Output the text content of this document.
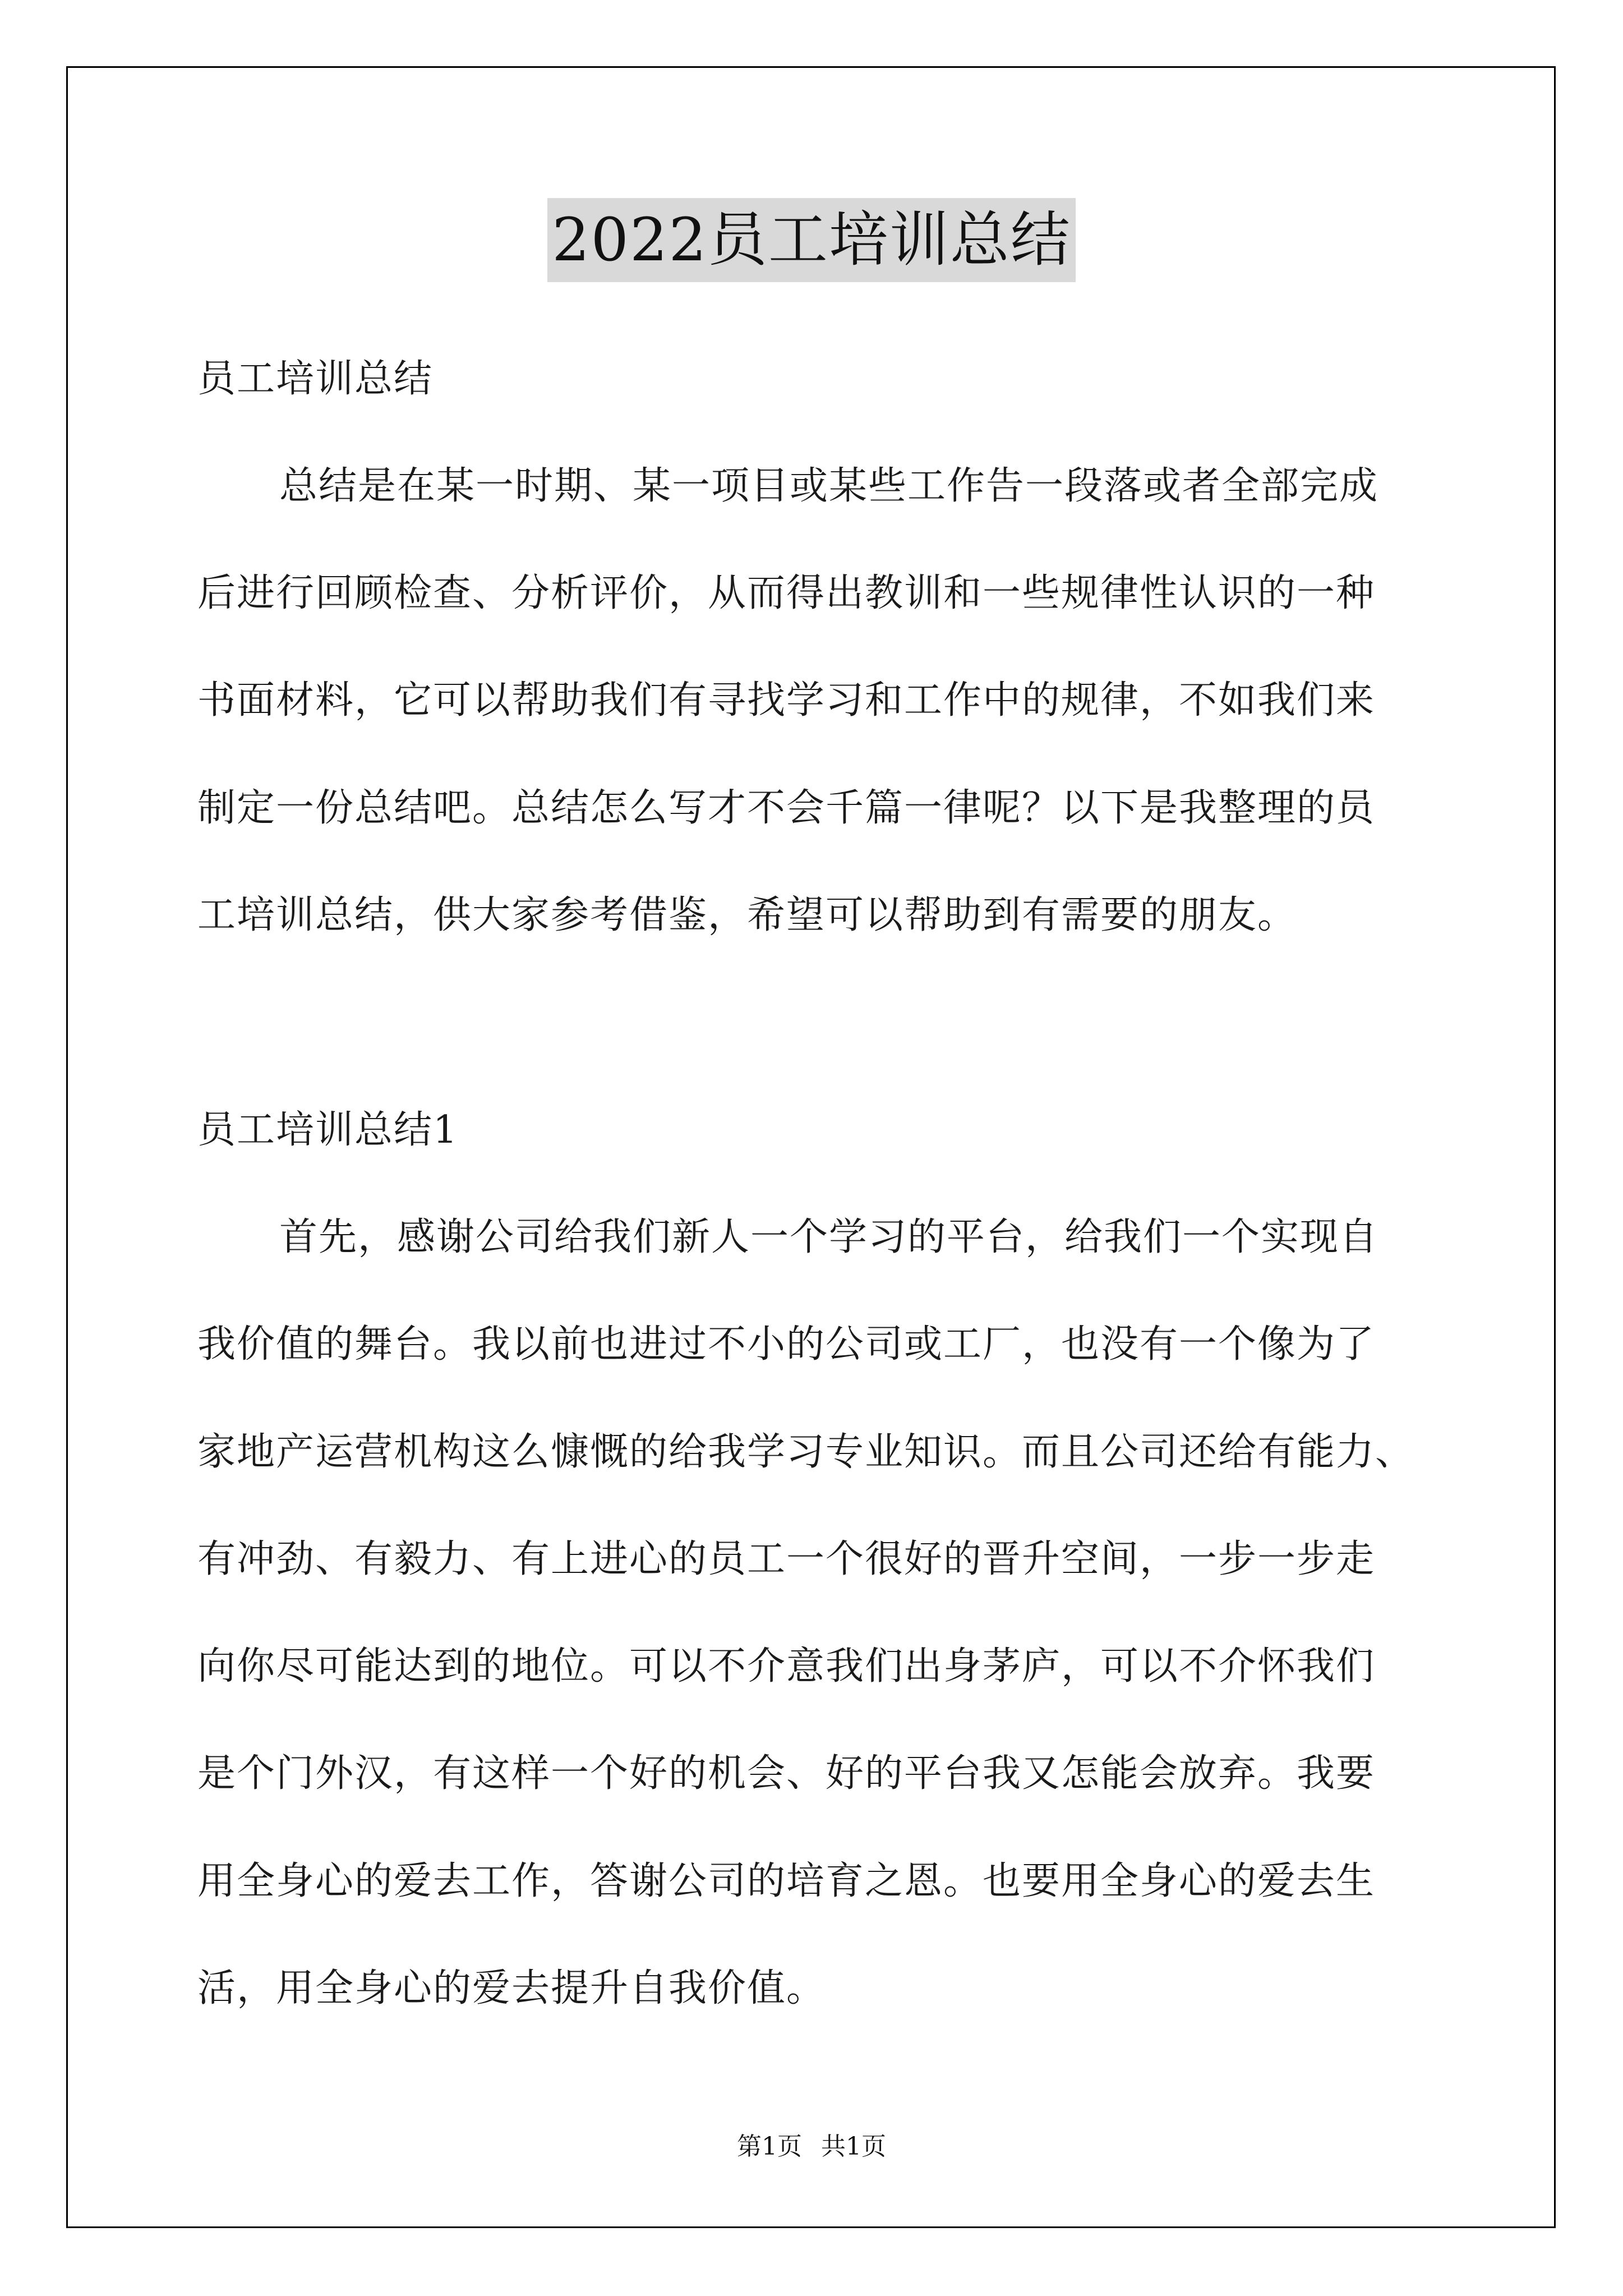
2022员工培训总结
员工培训总结
总结是在某一时期、某一项目或某些工作告一段落或者全部完成
后进行回顾检查、分析评价，从而得出教训和一些规律性认识的一种
书面材料，它可以帮助我们有寻找学习和工作中的规律，不如我们来
制定一份总结吧。总结怎么写才不会千篇一律呢？以下是我整理的员
工培训总结，供大家参考借鉴，希望可以帮助到有需要的朋友。
员工培训总结1
首先，感谢公司给我们新人一个学习的平台，给我们一个实现自
我价值的舞台。我以前也进过不小的公司或工厂，也没有一个像为了
家地产运营机构这么慷慨的给我学习专业知识。而且公司还给有能力、
有冲劲、有毅力、有上进心的员工一个很好的晋升空间，一步一步走
向你尽可能达到的地位。可以不介意我们出身茅庐，可以不介怀我们
是个门外汉，有这样一个好的机会、好的平台我又怎能会放弃。我要
用全身心的爱去工作，答谢公司的培育之恩。也要用全身心的爱去生
活，用全身心的爱去提升自我价值。
第1页 共1页
